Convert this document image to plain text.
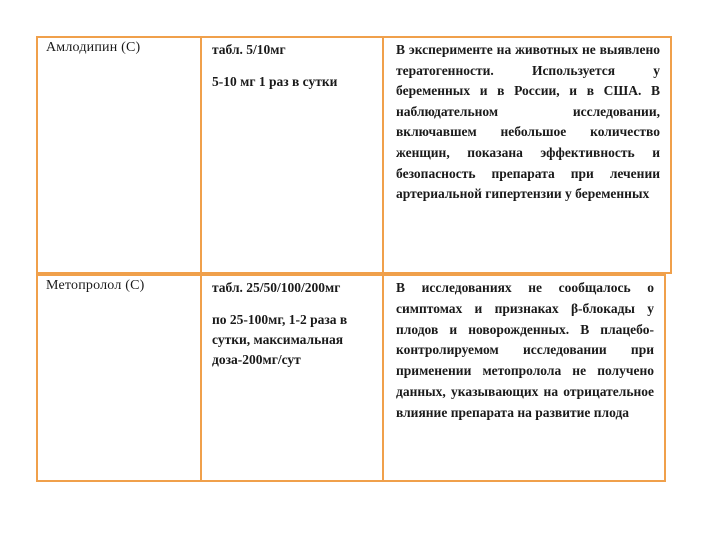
Амлодипин (С)	табл. 5/10мг
5-10 мг 1 раз в сутки
В эксперименте на животных не выявлено тератогенности. Используется у беременных и в России, и в США. В наблюдательном исследовании, включавшем небольшое количество женщин, показана эффективность и безопасность препарата при лечении артериальной гипертензии у беременных
Метопролол (С)	табл. 25/50/100/200мг
по 25-100мг, 1-2 раза в сутки, максимальная доза-200мг/сут
В исследованиях не сообщалось о симптомах и признаках β-блокады у плодов и новорожденных. В плацебо-контролируемом исследовании при применении метопролола не получено данных, указывающих на отрицательное влияние препарата на развитие плода
